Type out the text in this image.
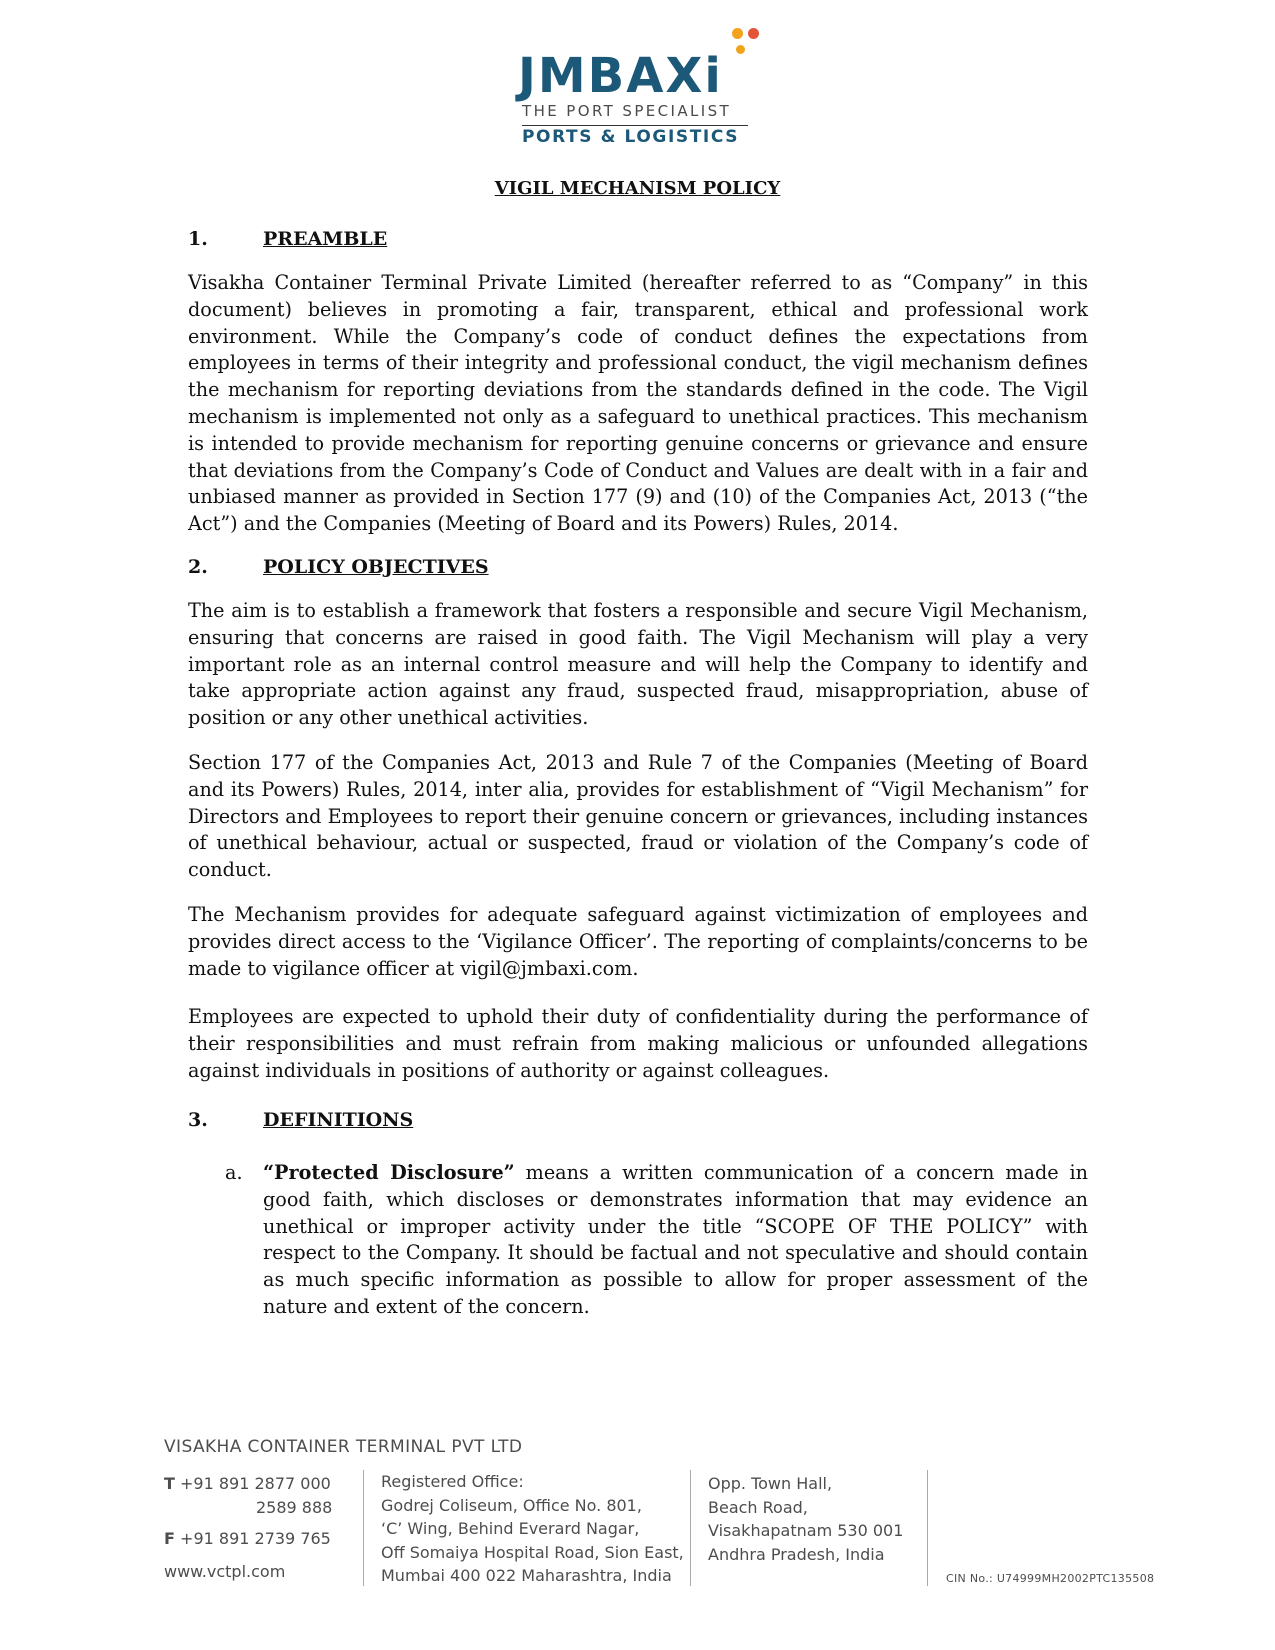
JMBAXi
THE PORT SPECIALIST
PORTS & LOGISTICS
VIGIL MECHANISM POLICY
1.	PREAMBLE

Visakha Container Terminal Private Limited (hereafter referred to as “Company” in this document) believes in promoting a fair, transparent, ethical and professional work environment. While the Company’s code of conduct defines the expectations from employees in terms of their integrity and professional conduct, the vigil mechanism defines the mechanism for reporting deviations from the standards defined in the code. The Vigil mechanism is implemented not only as a safeguard to unethical practices. This mechanism is intended to provide mechanism for reporting genuine concerns or grievance and ensure that deviations from the Company’s Code of Conduct and Values are dealt with in a fair and unbiased manner as provided in Section 177 (9) and (10) of the Companies Act, 2013 (“the Act”) and the Companies (Meeting of Board and its Powers) Rules, 2014.

2.	POLICY OBJECTIVES

The aim is to establish a framework that fosters a responsible and secure Vigil Mechanism, ensuring that concerns are raised in good faith. The Vigil Mechanism will play a very important role as an internal control measure and will help the Company to identify and take appropriate action against any fraud, suspected fraud, misappropriation, abuse of position or any other unethical activities.

Section 177 of the Companies Act, 2013 and Rule 7 of the Companies (Meeting of Board and its Powers) Rules, 2014, inter alia, provides for establishment of “Vigil Mechanism” for Directors and Employees to report their genuine concern or grievances, including instances of unethical behaviour, actual or suspected, fraud or violation of the Company’s code of conduct.

The Mechanism provides for adequate safeguard against victimization of employees and provides direct access to the ‘Vigilance Officer’. The reporting of complaints/concerns to be made to vigilance officer at vigil@jmbaxi.com.

Employees are expected to uphold their duty of confidentiality during the performance of their responsibilities and must refrain from making malicious or unfounded allegations against individuals in positions of authority or against colleagues.

3.	DEFINITIONS
a. “Protected Disclosure” means a written communication of a concern made in good faith, which discloses or demonstrates information that may evidence an unethical or improper activity under the title “SCOPE OF THE POLICY” with respect to the Company. It should be factual and not speculative and should contain as much specific information as possible to allow for proper assessment of the nature and extent of the concern.
VISAKHA CONTAINER TERMINAL PVT LTD
T +91 891 2877 000
2589 888
F +91 891 2739 765
www.vctpl.com
Registered Office:
Godrej Coliseum, Office No. 801,
‘C’ Wing, Behind Everard Nagar,
Off Somaiya Hospital Road, Sion East,
Mumbai 400 022 Maharashtra, India
Opp. Town Hall,
Beach Road,
Visakhapatnam 530 001
Andhra Pradesh, India
CIN No.: U74999MH2002PTC135508
